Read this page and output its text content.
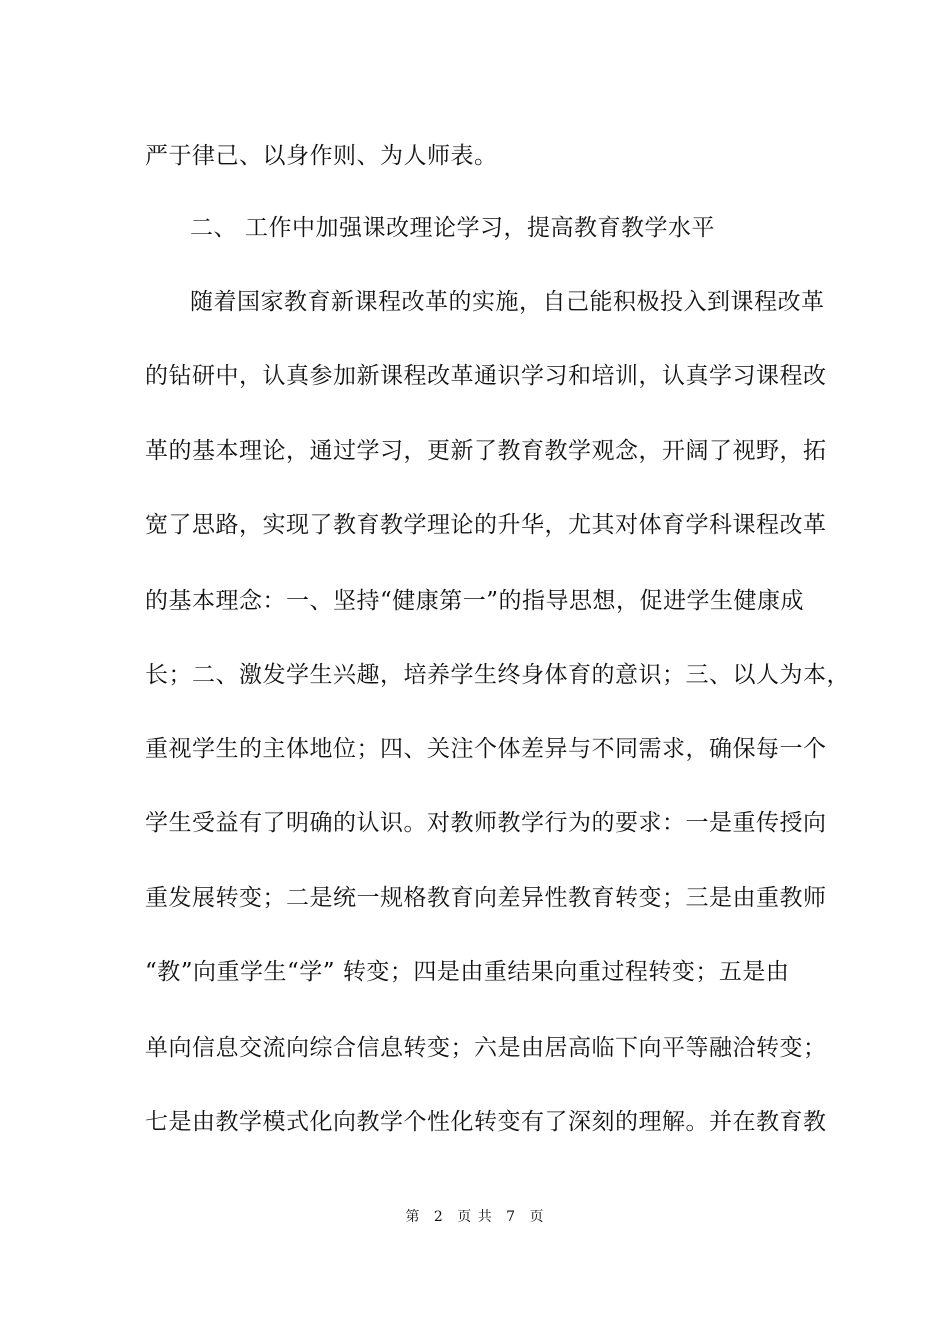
严于律己、以身作则、为人师表。
二、 工作中加强课改理论学习，提高教育教学水平
随着国家教育新课程改革的实施，自己能积极投入到课程改革
的钻研中，认真参加新课程改革通识学习和培训，认真学习课程改
革的基本理论，通过学习，更新了教育教学观念，开阔了视野，拓
宽了思路，实现了教育教学理论的升华，尤其对体育学科课程改革
的基本理念：一、坚持“健康第一”的指导思想，促进学生健康成
长；二、激发学生兴趣，培养学生终身体育的意识；三、以人为本，
重视学生的主体地位；四、关注个体差异与不同需求，确保每一个
学生受益有了明确的认识。对教师教学行为的要求：一是重传授向
重发展转变；二是统一规格教育向差异性教育转变；三是由重教师
“教”向重学生“学” 转变；四是由重结果向重过程转变；五是由
单向信息交流向综合信息转变；六是由居高临下向平等融洽转变；
七是由教学模式化向教学个性化转变有了深刻的理解。并在教育教
第 2 页 共 7 页
